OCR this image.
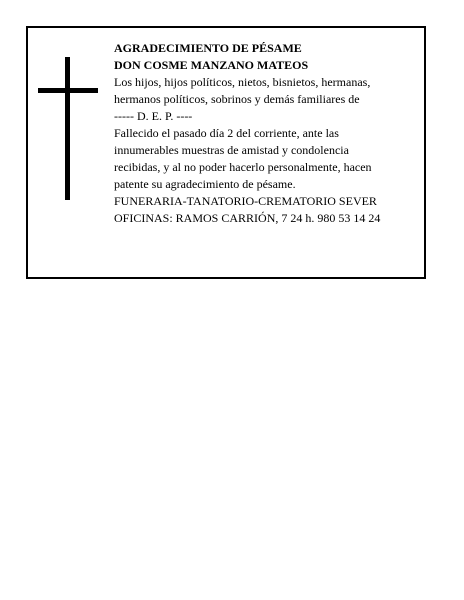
AGRADECIMIENTO DE PÉSAME
DON COSME MANZANO MATEOS
Los hijos, hijos políticos, nietos, bisnietos, hermanas,
hermanos políticos, sobrinos y demás familiares de
----- D. E. P. ----
Fallecido el pasado día 2 del corriente, ante las
innumerables muestras de amistad y condolencia
recibidas, y al no poder hacerlo personalmente, hacen
patente su agradecimiento de pésame.
FUNERARIA-TANATORIO-CREMATORIO SEVER
OFICINAS: RAMOS CARRIÓN, 7 24 h. 980 53 14 24
